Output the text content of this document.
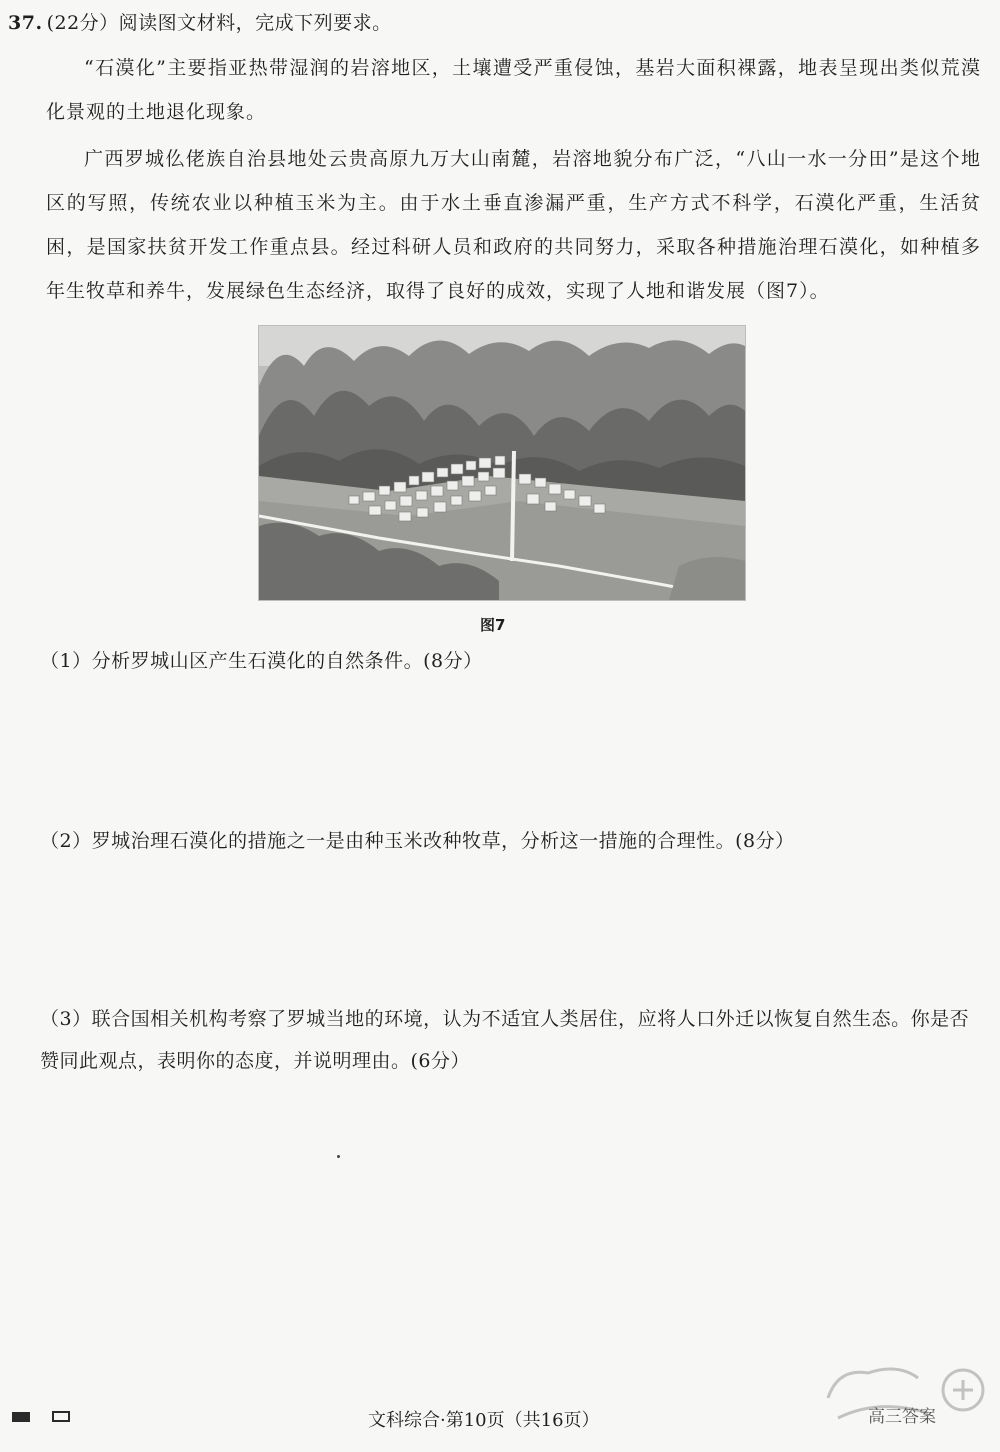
37. (22分）阅读图文材料，完成下列要求。
“石漠化”主要指亚热带湿润的岩溶地区，土壤遭受严重侵蚀，基岩大面积裸露，地表呈现出类似荒漠化景观的土地退化现象。
广西罗城仫佬族自治县地处云贵高原九万大山南麓，岩溶地貌分布广泛，“八山一水一分田”是这个地区的写照，传统农业以种植玉米为主。由于水土垂直渗漏严重，生产方式不科学，石漠化严重，生活贫困，是国家扶贫开发工作重点县。经过科研人员和政府的共同努力，采取各种措施治理石漠化，如种植多年生牧草和养牛，发展绿色生态经济，取得了良好的成效，实现了人地和谐发展（图7）。
图7
（1）分析罗城山区产生石漠化的自然条件。(8分）
（2）罗城治理石漠化的措施之一是由种玉米改种牧草，分析这一措施的合理性。(8分）
（3）联合国相关机构考察了罗城当地的环境，认为不适宜人类居住，应将人口外迁以恢复自然生态。你是否赞同此观点，表明你的态度，并说明理由。(6分）
文科综合·第10页（共16页）	高三答案
